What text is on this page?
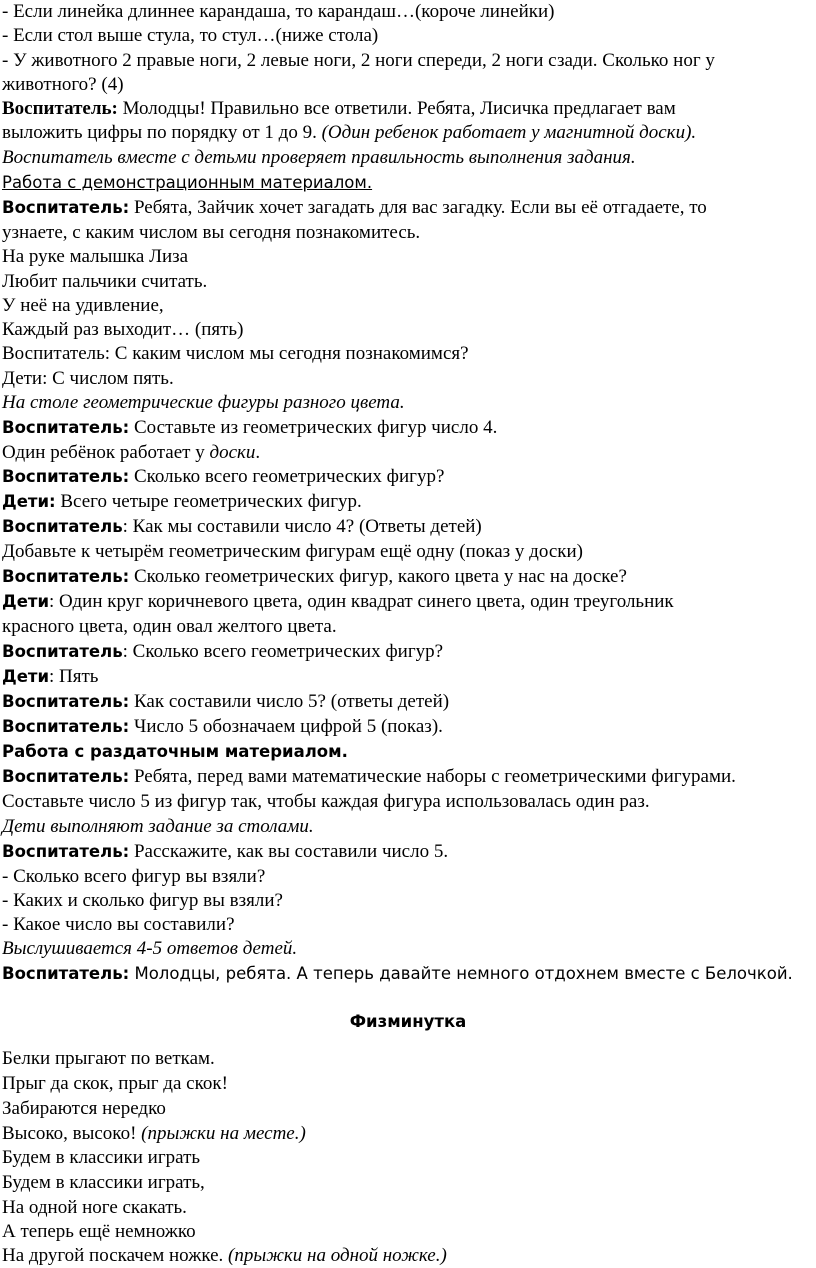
- Если линейка длиннее карандаша, то карандаш…(короче линейки)
- Если стол выше стула, то стул…(ниже стола)
- У животного 2 правые ноги, 2 левые ноги, 2 ноги спереди, 2 ноги сзади. Сколько ног у
животного? (4)
Воспитатель: Молодцы! Правильно все ответили. Ребята, Лисичка предлагает вам
выложить цифры по порядку от 1 до 9. (Один ребенок работает у магнитной доски).
Воспитатель вместе с детьми проверяет правильность выполнения задания.
Работа с демонстрационным материалом.
Воспитатель: Ребята, Зайчик хочет загадать для вас загадку. Если вы её отгадаете, то
узнаете, с каким числом вы сегодня познакомитесь.
На руке малышка Лиза
Любит пальчики считать.
У неё на удивление,
Каждый раз выходит… (пять)
Воспитатель: С каким числом мы сегодня познакомимся?
Дети: С числом пять.
На столе геометрические фигуры разного цвета.
Воспитатель: Составьте из геометрических фигур число 4.
Один ребёнок работает у доски.
Воспитатель: Сколько всего геометрических фигур?
Дети: Всего четыре геометрических фигур.
Воспитатель: Как мы составили число 4? (Ответы детей)
Добавьте к четырём геометрическим фигурам ещё одну (показ у доски)
Воспитатель: Сколько геометрических фигур, какого цвета у нас на доске?
Дети: Один круг коричневого цвета, один квадрат синего цвета, один треугольник
красного цвета, один овал желтого цвета.
Воспитатель: Сколько всего геометрических фигур?
Дети: Пять
Воспитатель: Как составили число 5? (ответы детей)
Воспитатель: Число 5 обозначаем цифрой 5 (показ).
Работа с раздаточным материалом.
Воспитатель: Ребята, перед вами математические наборы с геометрическими фигурами.
Составьте число 5 из фигур так, чтобы каждая фигура использовалась один раз.
Дети выполняют задание за столами.
Воспитатель: Расскажите, как вы составили число 5.
- Сколько всего фигур вы взяли?
- Каких и сколько фигур вы взяли?
- Какое число вы составили?
Выслушивается 4-5 ответов детей.
Воспитатель: Молодцы, ребята. А теперь давайте немного отдохнем вместе с Белочкой.
Физминутка
Белки прыгают по веткам.
Прыг да скок, прыг да скок!
Забираются нередко
Высоко, высоко! (прыжки на месте.)
Будем в классики играть
Будем в классики играть,
На одной ноге скакать.
А теперь ещё немножко
На другой поскачем ножке. (прыжки на одной ножке.)
